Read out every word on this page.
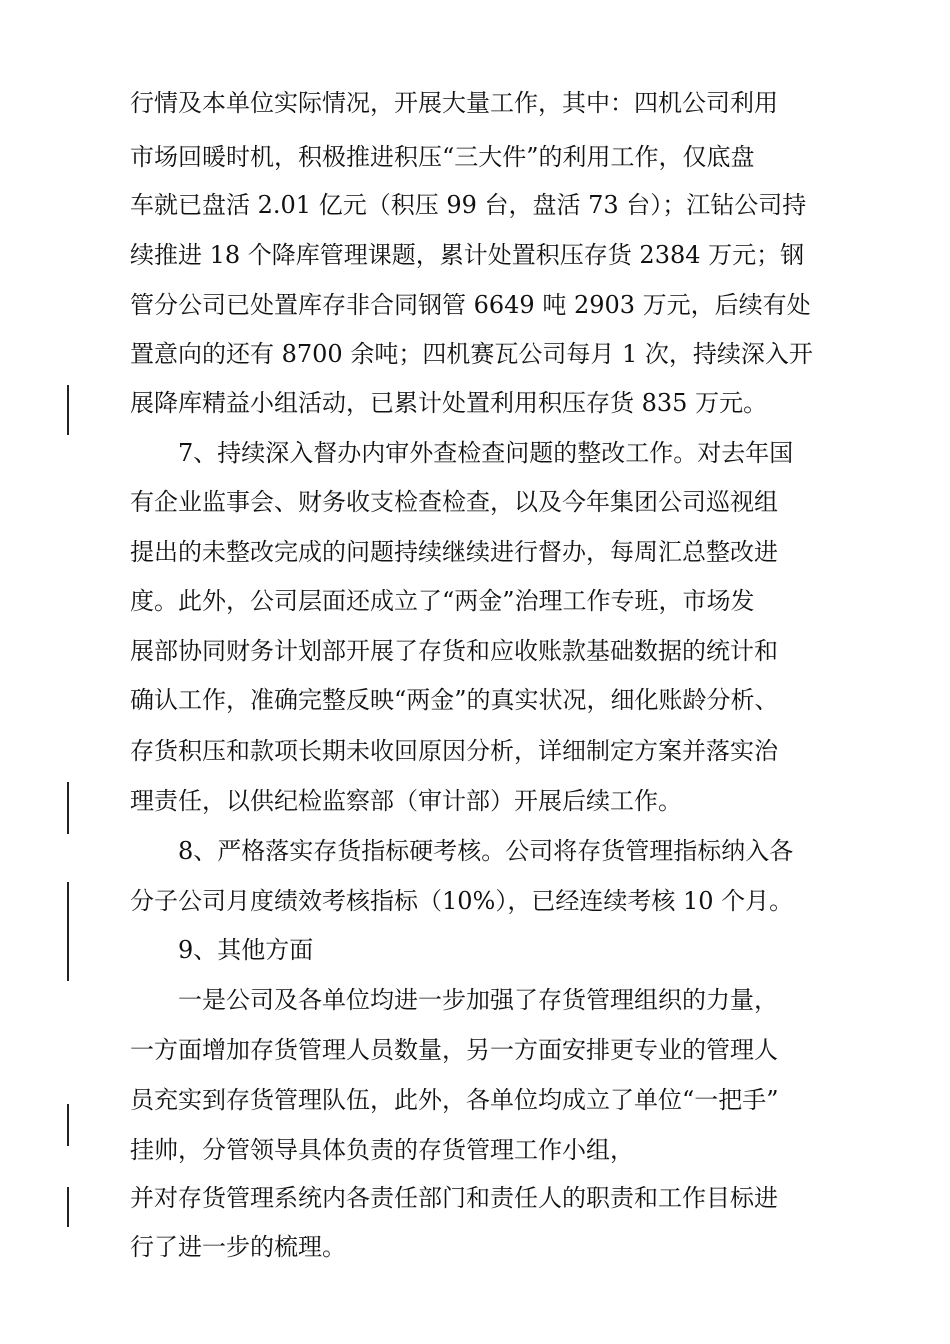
行情及本单位实际情况，开展大量工作，其中：四机公司利用
市场回暖时机，积极推进积压“三大件”的利用工作，仅底盘
车就已盘活 2.01 亿元（积压 99 台，盘活 73 台）；江钻公司持
续推进 18 个降库管理课题，累计处置积压存货 2384 万元；钢
管分公司已处置库存非合同钢管 6649 吨 2903 万元，后续有处
置意向的还有 8700 余吨；四机赛瓦公司每月 1 次，持续深入开
展降库精益小组活动，已累计处置利用积压存货 835 万元。
7、持续深入督办内审外查检查问题的整改工作。对去年国
有企业监事会、财务收支检查检查，以及今年集团公司巡视组
提出的未整改完成的问题持续继续进行督办，每周汇总整改进
度。此外，公司层面还成立了“两金”治理工作专班，市场发
展部协同财务计划部开展了存货和应收账款基础数据的统计和
确认工作，准确完整反映“两金”的真实状况，细化账龄分析、
存货积压和款项长期未收回原因分析，详细制定方案并落实治
理责任，以供纪检监察部（审计部）开展后续工作。
8、严格落实存货指标硬考核。公司将存货管理指标纳入各
分子公司月度绩效考核指标（10%），已经连续考核 10 个月。
9、其他方面
一是公司及各单位均进一步加强了存货管理组织的力量，
一方面增加存货管理人员数量，另一方面安排更专业的管理人
员充实到存货管理队伍，此外，各单位均成立了单位“一把手”
挂帅，分管领导具体负责的存货管理工作小组，
并对存货管理系统内各责任部门和责任人的职责和工作目标进
行了进一步的梳理。
